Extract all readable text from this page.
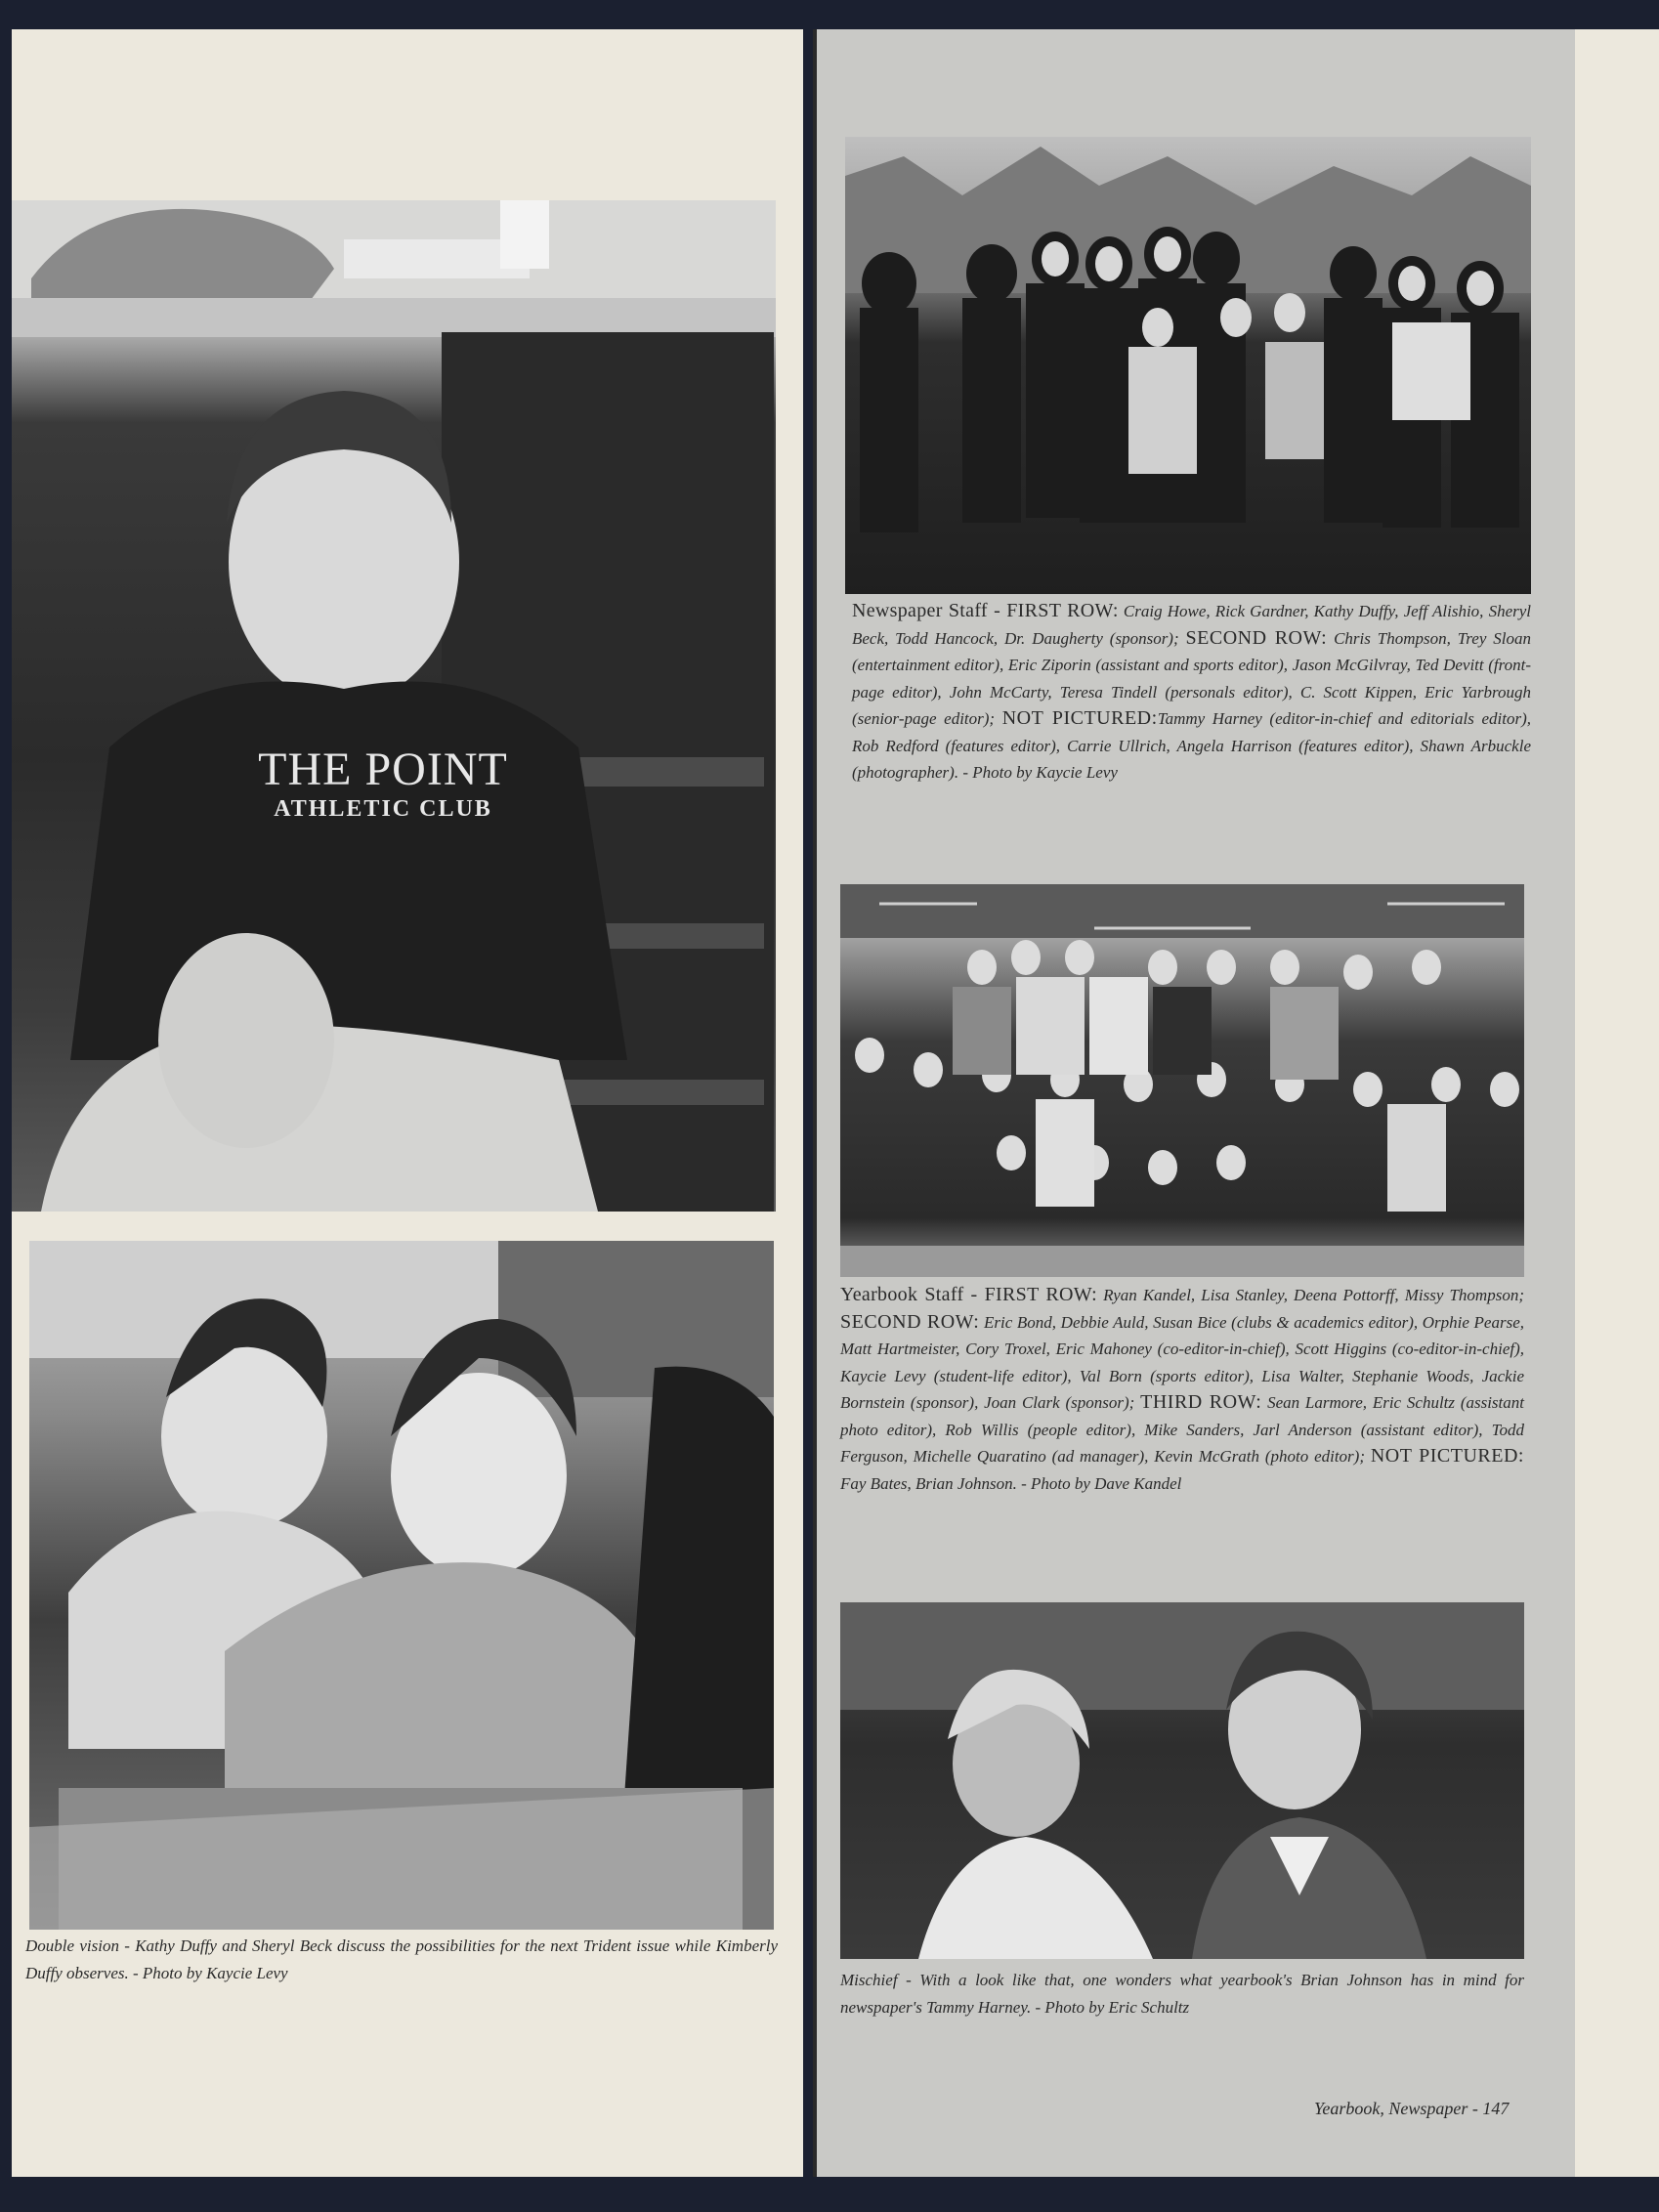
THE POINT
ATHLETIC CLUB
Double vision - Kathy Duffy and Sheryl Beck discuss the possibilities for the next Trident issue while Kimberly Duffy observes. - Photo by Kaycie Levy
Newspaper Staff - FIRST ROW: Craig Howe, Rick Gardner, Kathy Duffy, Jeff Alishio, Sheryl Beck, Todd Hancock, Dr. Daugherty (sponsor); SECOND ROW: Chris Thompson, Trey Sloan (entertainment editor), Eric Ziporin (assistant and sports editor), Jason McGilvray, Ted Devitt (front-page editor), John McCarty, Teresa Tindell (personals editor), C. Scott Kippen, Eric Yarbrough (senior-page editor); NOT PICTURED:Tammy Harney (editor-in-chief and editorials editor), Rob Redford (features editor), Carrie Ullrich, Angela Harrison (features editor), Shawn Arbuckle (photographer). - Photo by Kaycie Levy
Yearbook Staff - FIRST ROW: Ryan Kandel, Lisa Stanley, Deena Pottorff, Missy Thompson; SECOND ROW: Eric Bond, Debbie Auld, Susan Bice (clubs & academics editor), Orphie Pearse, Matt Hartmeister, Cory Troxel, Eric Mahoney (co-editor-in-chief), Scott Higgins (co-editor-in-chief), Kaycie Levy (student-life editor), Val Born (sports editor), Lisa Walter, Stephanie Woods, Jackie Bornstein (sponsor), Joan Clark (sponsor); THIRD ROW: Sean Larmore, Eric Schultz (assistant photo editor), Rob Willis (people editor), Mike Sanders, Jarl Anderson (assistant editor), Todd Ferguson, Michelle Quaratino (ad manager), Kevin McGrath (photo editor); NOT PICTURED: Fay Bates, Brian Johnson. - Photo by Dave Kandel
Mischief - With a look like that, one wonders what yearbook's Brian Johnson has in mind for newspaper's Tammy Harney. - Photo by Eric Schultz
Yearbook, Newspaper - 147
